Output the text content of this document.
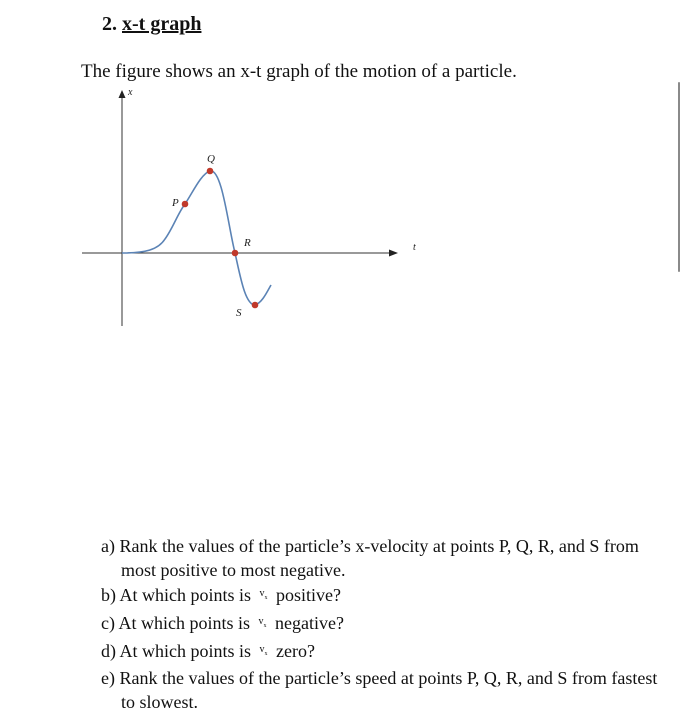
2. x-t graph
The figure shows an x-t graph of the motion of a particle.
x
t
P
Q
R
S
a) Rank the values of the particle’s x-velocity at points P, Q, R, and S from most positive to most negative.
b) At which points is $v_x$ positive?
c) At which points is $v_x$ negative?
d) At which points is $v_x$ zero?
e) Rank the values of the particle’s speed at points P, Q, R, and S from fastest to slowest.
